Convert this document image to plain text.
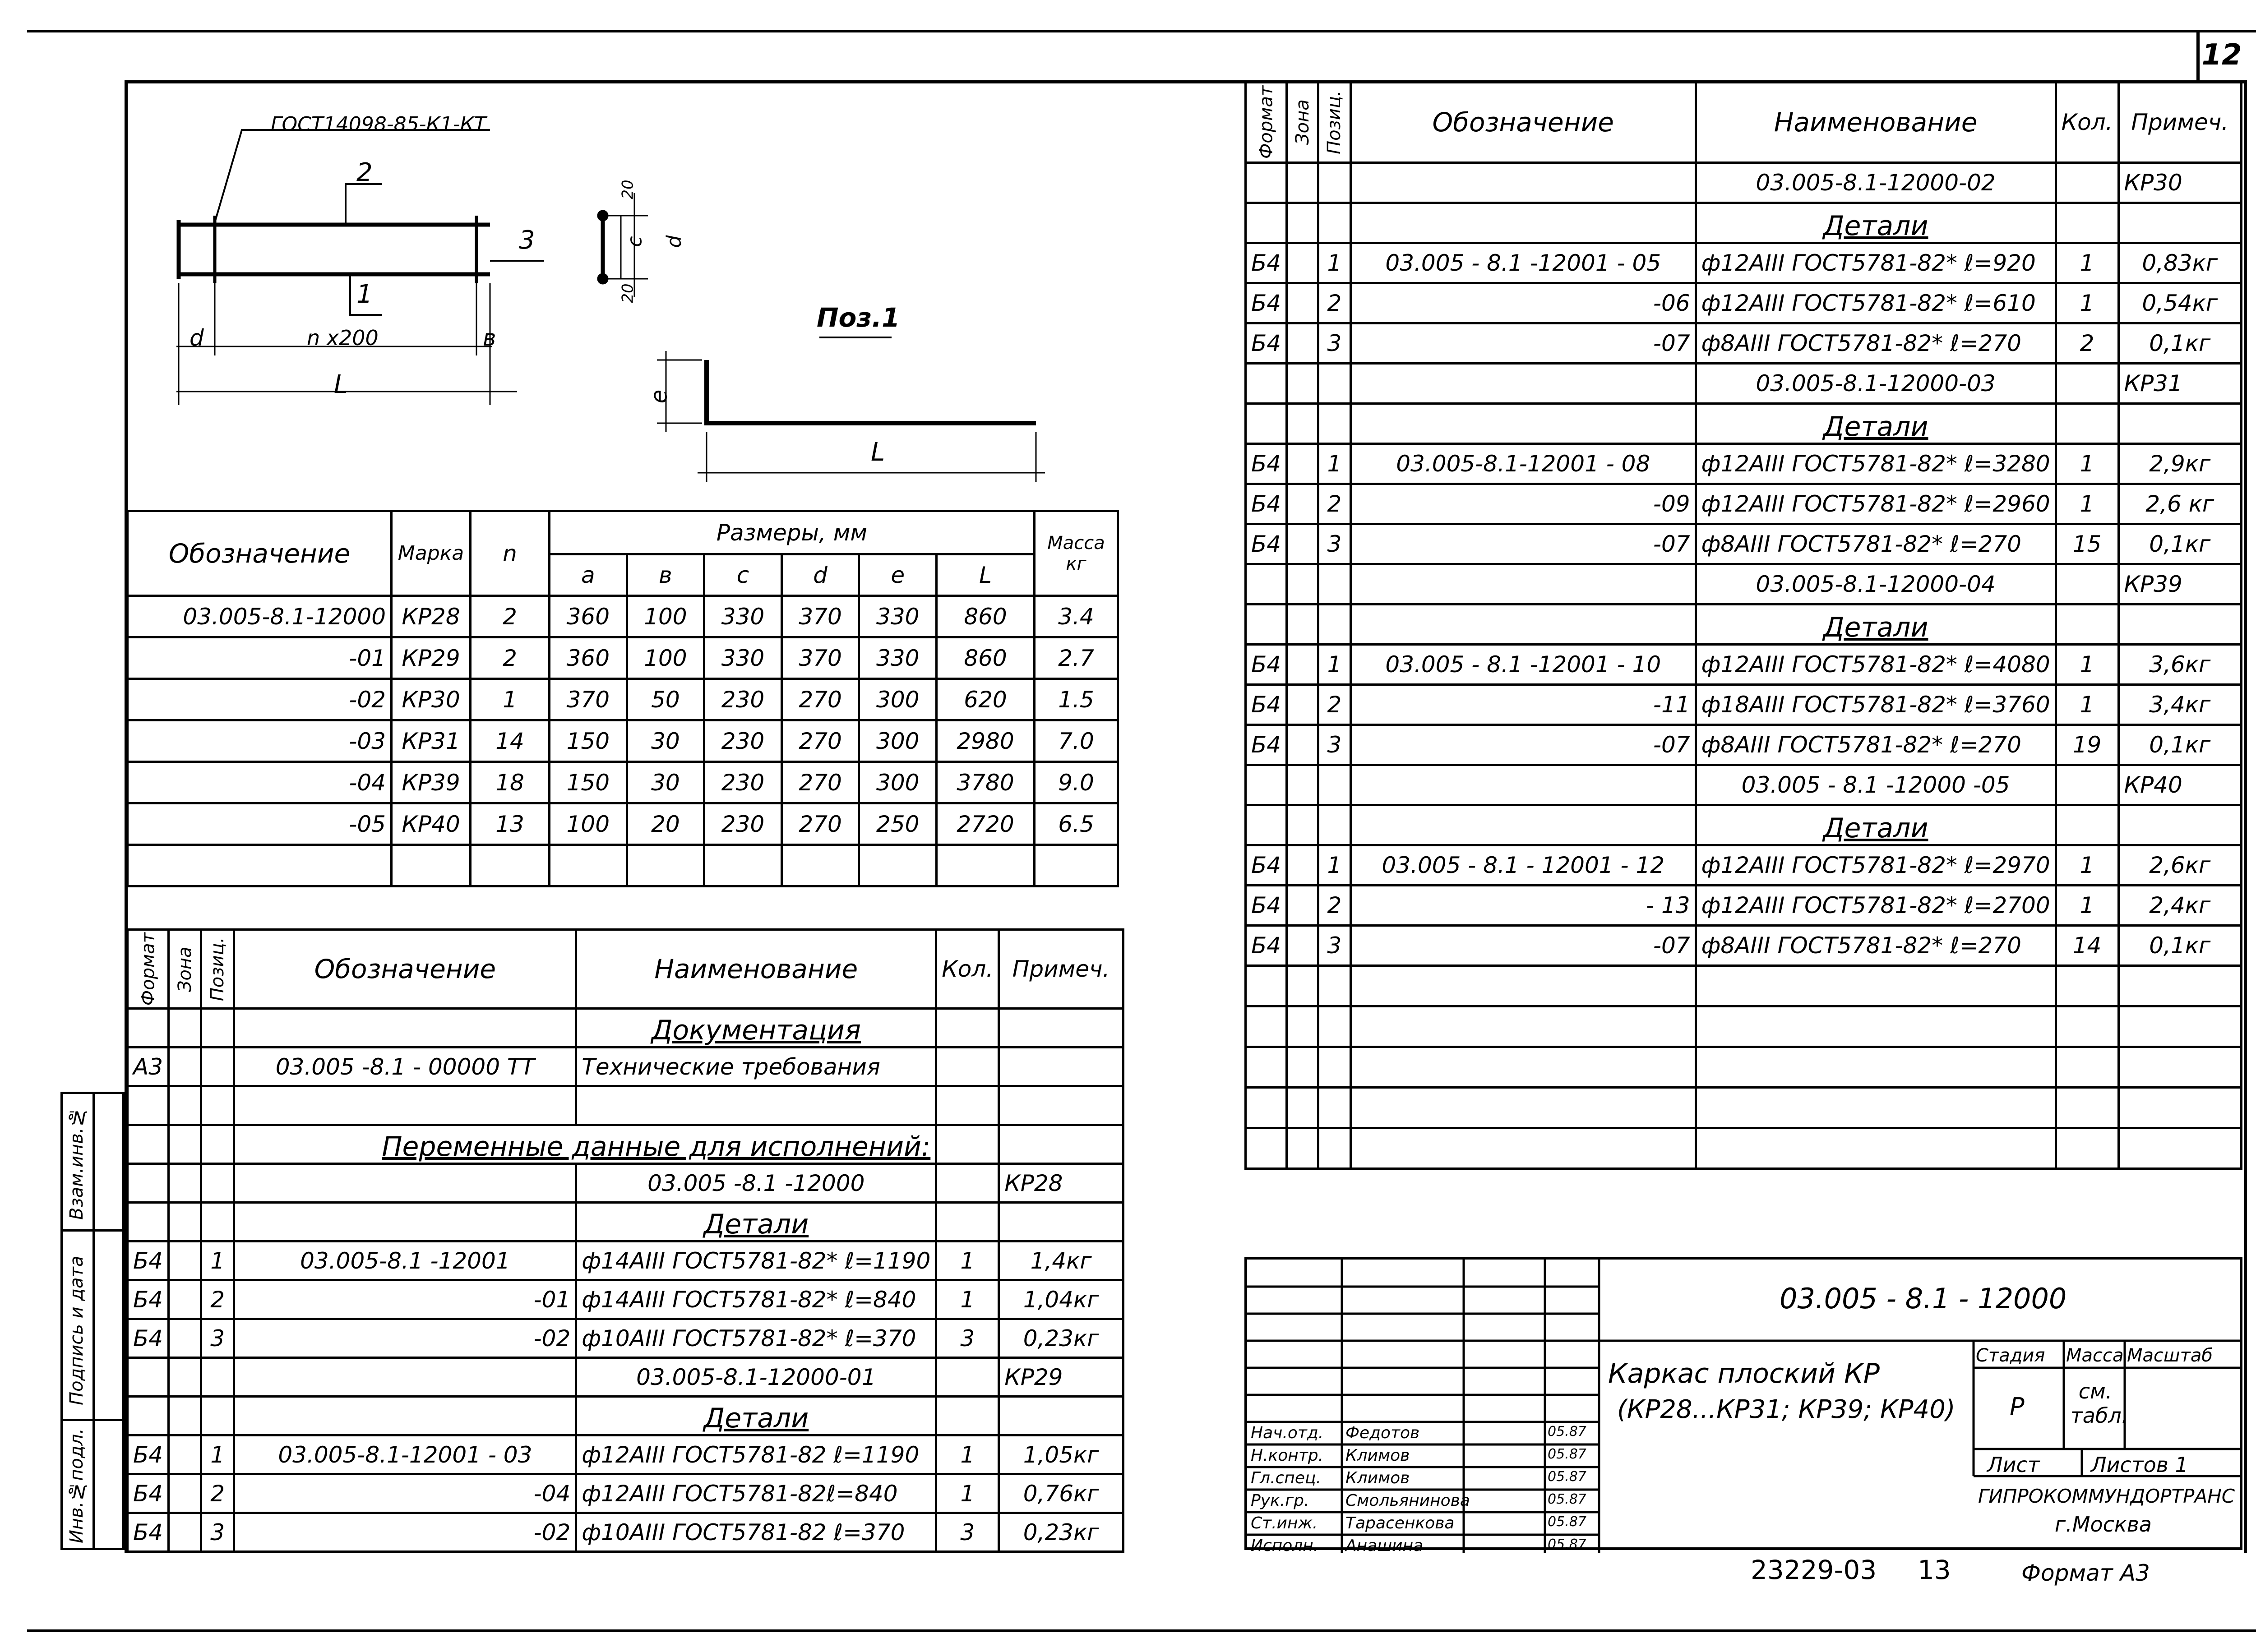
12
ГОСТ14098-85-К1-КТ
2
3
1
d	n x200	в
L
Поз.1
20
c d
20
e
L
Обозначение	Марка	n	Размеры, мм						Масса кг
			a	в	c	d	e	L	
03.005-8.1-12000	КР28	2	360	100	330	370	330	860	3.4
-01	КР29	2	360	100	330	370	330	860	2.7
-02	КР30	1	370	50	230	270	300	620	1.5
-03	КР31	14	150	30	230	270	300	2980	7.0
-04	КР39	18	150	30	230	270	300	3780	9.0
-05	КР40	13	100	20	230	270	250	2720	6.5

Формат	Зона	Позиц.	Обозначение	Наименование	Кол.	Примеч.
				Документация		
А3			03.005 -8.1 - 00000 ТТ	Технические требования		

			Переменные данные для исполнений:			
				03.005 -8.1 -12000		КР28
				Детали		
Б4		1	03.005-8.1 -12001	ф14АIII ГОСТ5781-82* ℓ=1190	1	1,4кг
Б4		2	-01	ф14АIII ГОСТ5781-82* ℓ=840	1	1,04кг
Б4		3	-02	ф10АIII ГОСТ5781-82* ℓ=370	3	0,23кг
				03.005-8.1-12000-01		КР29
				Детали		
Б4		1	03.005-8.1-12001 - 03	ф12АIII ГОСТ5781-82 ℓ=1190	1	1,05кг
Б4		2	-04	ф12АIII ГОСТ5781-82ℓ=840	1	0,76кг
Б4		3	-02	ф10АIII ГОСТ5781-82 ℓ=370	3	0,23кг
Формат	Зона	Позиц.	Обозначение	Наименование	Кол.	Примеч.
				03.005-8.1-12000-02		КР30
				Детали		
Б4		1	03.005 - 8.1 -12001 - 05	ф12АIII ГОСТ5781-82* ℓ=920	1	0,83кг
Б4		2	-06	ф12АIII ГОСТ5781-82* ℓ=610	1	0,54кг
Б4		3	-07	ф8АIII ГОСТ5781-82* ℓ=270	2	0,1кг
				03.005-8.1-12000-03		КР31
				Детали		
Б4		1	03.005-8.1-12001 - 08	ф12АIII ГОСТ5781-82* ℓ=3280	1	2,9кг
Б4		2	-09	ф12АIII ГОСТ5781-82* ℓ=2960	1	2,6 кг
Б4		3	-07	ф8АIII ГОСТ5781-82* ℓ=270	15	0,1кг
				03.005-8.1-12000-04		КР39
				Детали		
Б4		1	03.005 - 8.1 -12001 - 10	ф12АIII ГОСТ5781-82* ℓ=4080	1	3,6кг
Б4		2	-11	ф18АIII ГОСТ5781-82* ℓ=3760	1	3,4кг
Б4		3	-07	ф8АIII ГОСТ5781-82* ℓ=270	19	0,1кг
				03.005 - 8.1 -12000 -05		КР40
				Детали		
Б4		1	03.005 - 8.1 - 12001 - 12	ф12АIII ГОСТ5781-82* ℓ=2970	1	2,6кг
Б4		2	- 13	ф12АIII ГОСТ5781-82* ℓ=2700	1	2,4кг
Б4		3	-07	ф8АIII ГОСТ5781-82* ℓ=270	14	0,1кг

Взам.инв.№
Подпись и дата
Инв.№подл.	Нач.отд. Федотов	05.87
Н.контр. Климов	05.87
Гл.спец. Климов	05.87
Рук.гр. Смольянинова	05.87
Ст.инж. Тарасенкова	05.87
Исполн. Анашина	05.87
03.005 - 8.1 - 12000
Каркас плоский КР
(КР28...КР31; КР39; КР40)
Стадия Масса Масштаб
Р
см. табл.
Лист Листов 1
ГИПРОКОММУНДОРТРАНС
г.Москва
23229-03 13	Формат А3
